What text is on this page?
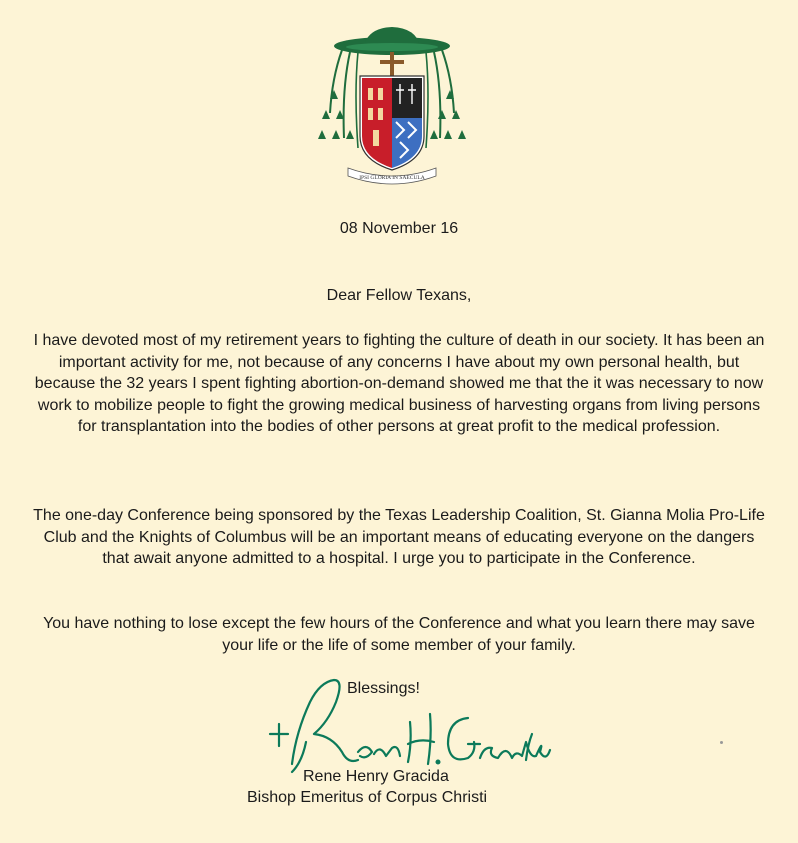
IPSI GLORIA IN SAECULA
08 November 16
Dear Fellow Texans,

I have devoted most of my retirement years to fighting the culture of death in our society. It has been an important activity for me, not because of any concerns I have about my own personal health, but because the 32 years I spent fighting abortion-on-demand showed me that the it was necessary to now work to mobilize people to fight the growing medical business of harvesting organs from living persons for transplantation into the bodies of other persons at great profit to the medical profession.

The one-day Conference being sponsored by the Texas Leadership Coalition, St. Gianna Molia Pro-Life Club and the Knights of Columbus will be an important means of educating everyone on the dangers that await anyone admitted to a hospital. I urge you to participate in the Conference.

You have nothing to lose except the few hours of the Conference and what you learn there may save your life or the life of some member of your family.

Blessings!
Rene Henry Gracida
Bishop Emeritus of Corpus Christi
